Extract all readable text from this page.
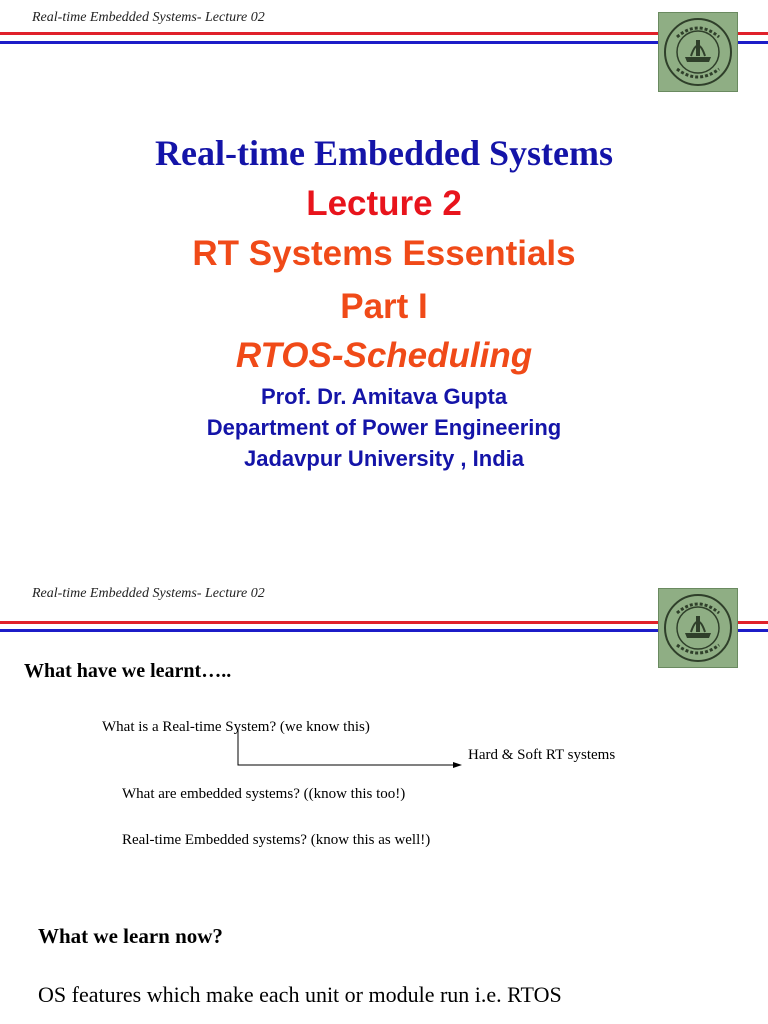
Real-time Embedded Systems- Lecture 02
Real-time Embedded Systems
Lecture 2
RT Systems Essentials
Part I
RTOS-Scheduling
Prof. Dr. Amitava Gupta
Department of Power Engineering
Jadavpur University , India
Real-time Embedded Systems- Lecture 02
What have we learnt…..
What is a Real-time System? (we know this)
Hard & Soft RT systems
What are embedded systems? ((know this too!)
Real-time Embedded systems? (know this as well!)
What we learn now?
OS features which make each unit or module run i.e. RTOS
